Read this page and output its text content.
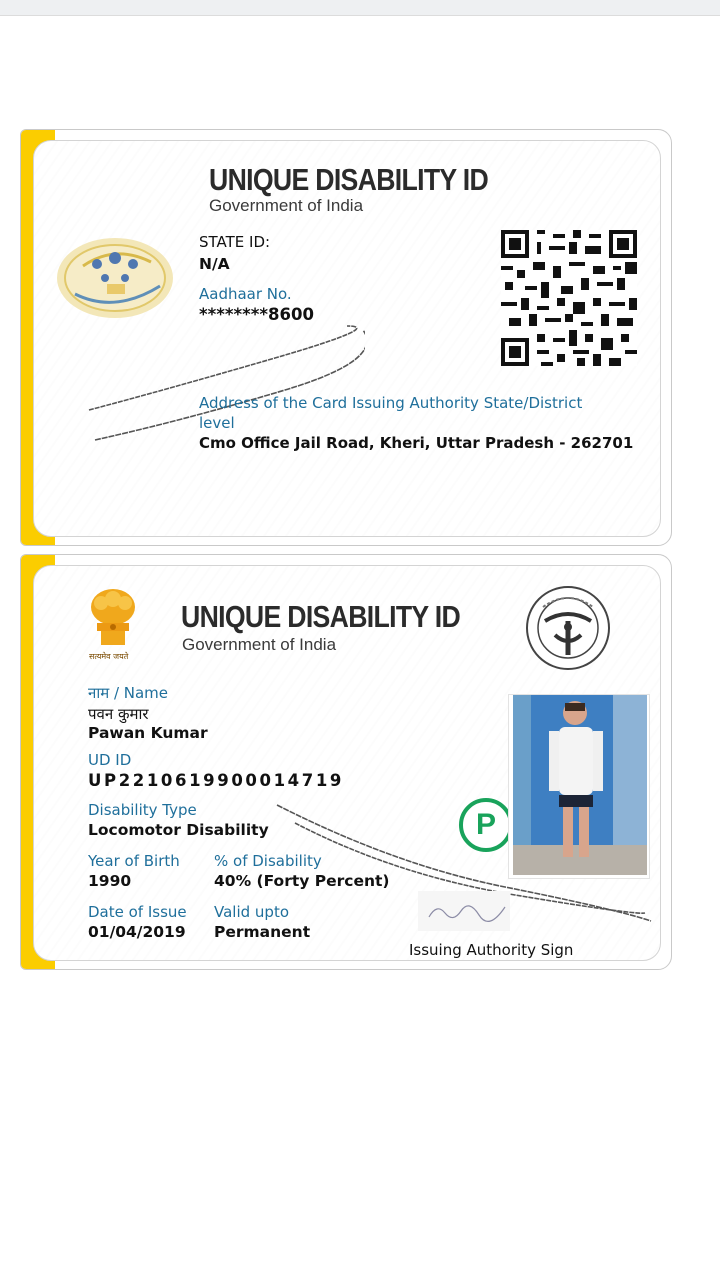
UNIQUE DISABILITY ID
Government of India
STATE ID:
N/A
Aadhaar No.
********8600
Address of the Card Issuing Authority State/District
level
Cmo Office Jail Road, Kheri, Uttar Pradesh - 262701
सत्यमेव जयते
UNIQUE DISABILITY ID
Government of India
नाम / Name
पवन कुमार
Pawan Kumar
UD ID
UP2210619900014719
Disability Type
Locomotor Disability
Year of Birth
1990
% of Disability
40% (Forty Percent)
Date of Issue
01/04/2019
Valid upto
Permanent
P
Issuing Authority Sign
